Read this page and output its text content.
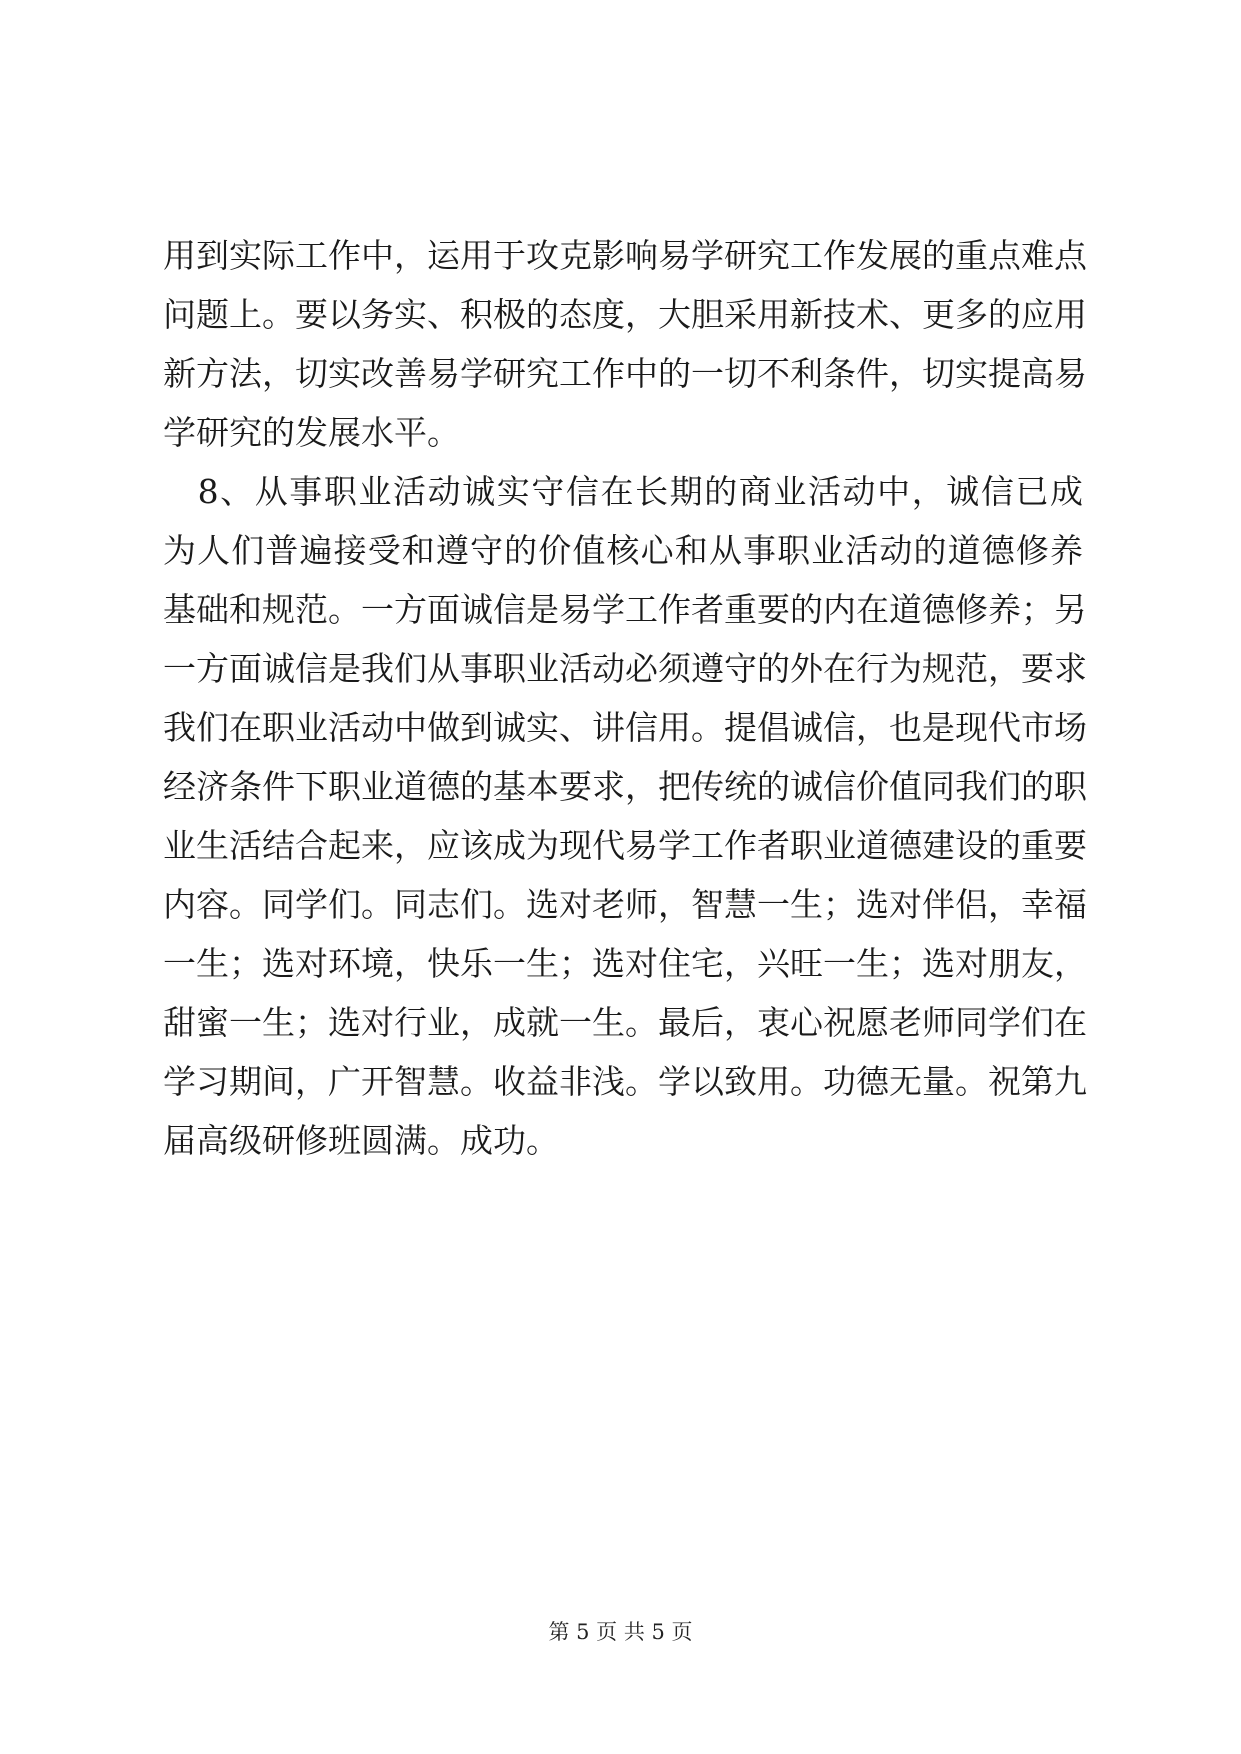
用到实际工作中，运用于攻克影响易学研究工作发展的重点难点
问题上。要以务实、积极的态度，大胆采用新技术、更多的应用
新方法，切实改善易学研究工作中的一切不利条件，切实提高易
学研究的发展水平。
　8、从事职业活动诚实守信在长期的商业活动中，诚信已成
为人们普遍接受和遵守的价值核心和从事职业活动的道德修养
基础和规范。一方面诚信是易学工作者重要的内在道德修养；另
一方面诚信是我们从事职业活动必须遵守的外在行为规范，要求
我们在职业活动中做到诚实、讲信用。提倡诚信，也是现代市场
经济条件下职业道德的基本要求，把传统的诚信价值同我们的职
业生活结合起来，应该成为现代易学工作者职业道德建设的重要
内容。同学们。同志们。选对老师，智慧一生；选对伴侣，幸福
一生；选对环境，快乐一生；选对住宅，兴旺一生；选对朋友，
甜蜜一生；选对行业，成就一生。最后，衷心祝愿老师同学们在
学习期间，广开智慧。收益非浅。学以致用。功德无量。祝第九
届高级研修班圆满。成功。
第 5 页 共 5 页
